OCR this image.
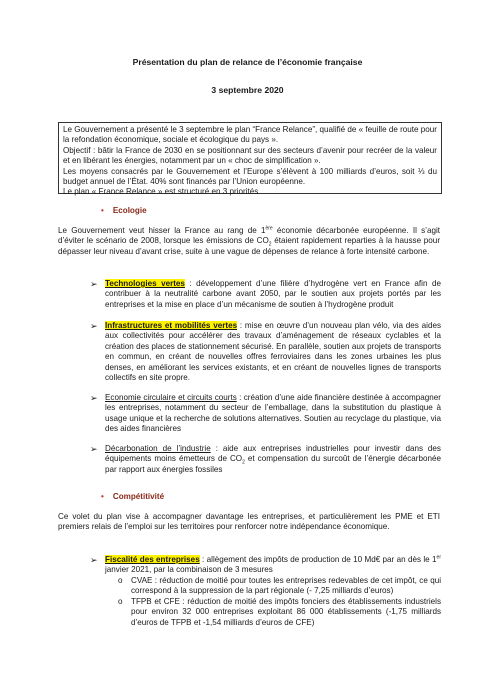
Présentation du plan de relance de l’économie française
3 septembre 2020

Le Gouvernement a présenté le 3 septembre le plan “France Relance”, qualifié de « feuille de route pour la refondation économique, sociale et écologique du pays ».

Objectif : bâtir la France de 2030 en se positionnant sur des secteurs d’avenir pour recréer de la valeur et en libérant les énergies, notamment par un « choc de simplification ».

Les moyens consacrés par le Gouvernement et l’Europe s’élèvent à 100 milliards d’euros, soit ⅓ du budget annuel de l’État. 40% sont financés par l’Union européenne.

Le plan « France Relance » est structuré en 3 priorités

• Ecologie

Le Gouvernement veut hisser la France au rang de 1ère économie décarbonée européenne. Il s’agit d’éviter le scénario de 2008, lorsque les émissions de $CO_2$ étaient rapidement reparties à la hausse pour dépasser leur niveau d’avant crise, suite à une vague de dépenses de relance à forte intensité carbone.

➢ Technologies vertes : développement d’une filière d’hydrogène vert en France afin de contribuer à la neutralité carbone avant 2050, par le soutien aux projets portés par les entreprises et la mise en place d’un mécanisme de soutien à l’hydrogène produit

➢ Infrastructures et mobilités vertes : mise en œuvre d’un nouveau plan vélo, via des aides aux collectivités pour accélérer des travaux d’aménagement de réseaux cyclables et la création des places de stationnement sécurisé. En parallèle, soutien aux projets de transports en commun, en créant de nouvelles offres ferroviaires dans les zones urbaines les plus denses, en améliorant les services existants, et en créant de nouvelles lignes de transports collectifs en site propre.

➢ Economie circulaire et circuits courts : création d’une aide financière destinée à accompagner les entreprises, notamment du secteur de l’emballage, dans la substitution du plastique à usage unique et la recherche de solutions alternatives. Soutien au recyclage du plastique, via des aides financières

➢ Décarbonation de l’industrie : aide aux entreprises industrielles pour investir dans des équipements moins émetteurs de $CO_2$ et compensation du surcoût de l’énergie décarbonée par rapport aux énergies fossiles

• Compétitivité

Ce volet du plan vise à accompagner davantage les entreprises, et particulièrement les PME et ETI premiers relais de l’emploi sur les territoires pour renforcer notre indépendance économique.

➢ Fiscalité des entreprises : allègement des impôts de production de 10 Md€ par an dès le 1er janvier 2021, par la combinaison de 3 mesures

o CVAE : réduction de moitié pour toutes les entreprises redevables de cet impôt, ce qui correspond à la suppression de la part régionale (- 7,25 milliards d’euros)

o TFPB et CFE : réduction de moitié des impôts fonciers des établissements industriels pour environ 32 000 entreprises exploitant 86 000 établissements (-1,75 milliards d’euros de TFPB et -1,54 milliards d’euros de CFE)
